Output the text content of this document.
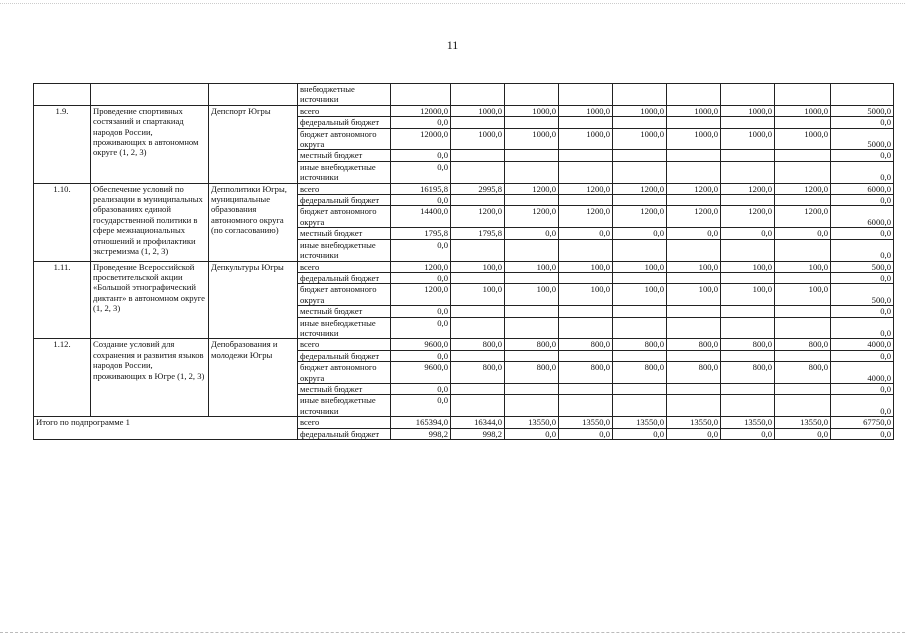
11
			внебюджетные источники									
1.9.	Проведение спортивных состязаний и спартакиад народов России, проживающих в автономном округе (1, 2, 3)	Депспорт Югры	всего	12000,0	1000,0	1000,0	1000,0	1000,0	1000,0	1000,0	1000,0	5000,0
			федеральный бюджет	0,0								0,0
			бюджет автономного округа	12000,0	1000,0	1000,0	1000,0	1000,0	1000,0	1000,0	1000,0	5000,0
			местный бюджет	0,0								0,0
			иные внебюджетные источники	0,0								0,0
1.10.	Обеспечение условий по реализации в муниципальных образованиях единой государственной политики в сфере межнациональных отношений и профилактики экстремизма (1, 2, 3)	Депполитики Югры, муниципальные образования автономного округа (по согласованию)	всего	16195,8	2995,8	1200,0	1200,0	1200,0	1200,0	1200,0	1200,0	6000,0
			федеральный бюджет	0,0								0,0
			бюджет автономного округа	14400,0	1200,0	1200,0	1200,0	1200,0	1200,0	1200,0	1200,0	6000,0
			местный бюджет	1795,8	1795,8	0,0	0,0	0,0	0,0	0,0	0,0	0,0
			иные внебюджетные источники	0,0								0,0
1.11.	Проведение Всероссийской просветительской акции «Большой этнографический диктант» в автономном округе (1, 2, 3)	Депкультуры Югры	всего	1200,0	100,0	100,0	100,0	100,0	100,0	100,0	100,0	500,0
			федеральный бюджет	0,0								0,0
			бюджет автономного округа	1200,0	100,0	100,0	100,0	100,0	100,0	100,0	100,0	500,0
			местный бюджет	0,0								0,0
			иные внебюджетные источники	0,0								0,0
1.12.	Создание условий для сохранения и развития языков народов России, проживающих в Югре (1, 2, 3)	Депобразования и молодежи Югры	всего	9600,0	800,0	800,0	800,0	800,0	800,0	800,0	800,0	4000,0
			федеральный бюджет	0,0								0,0
			бюджет автономного округа	9600,0	800,0	800,0	800,0	800,0	800,0	800,0	800,0	4000,0
			местный бюджет	0,0								0,0
			иные внебюджетные источники	0,0								0,0
Итого по подпрограмме 1			всего	165394,0	16344,0	13550,0	13550,0	13550,0	13550,0	13550,0	13550,0	67750,0
			федеральный бюджет	998,2	998,2	0,0	0,0	0,0	0,0	0,0	0,0	0,0
